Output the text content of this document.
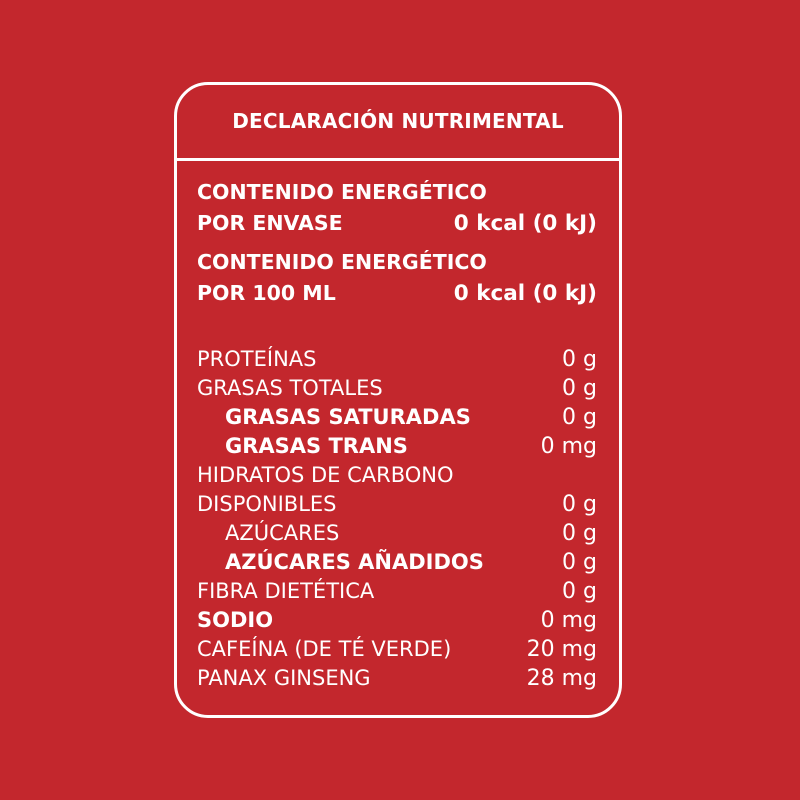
DECLARACIÓN NUTRIMENTAL
CONTENIDO ENERGÉTICO
POR ENVASE	0 kcal (0 kJ)
CONTENIDO ENERGÉTICO
POR 100 ML	0 kcal (0 kJ)
PROTEÍNAS	0 g
GRASAS TOTALES	0 g
GRASAS SATURADAS	0 g
GRASAS TRANS	0 mg
HIDRATOS DE CARBONO
DISPONIBLES	0 g
AZÚCARES	0 g
AZÚCARES AÑADIDOS	0 g
FIBRA DIETÉTICA	0 g
SODIO	0 mg
CAFEÍNA (DE TÉ VERDE)	20 mg
PANAX GINSENG	28 mg
